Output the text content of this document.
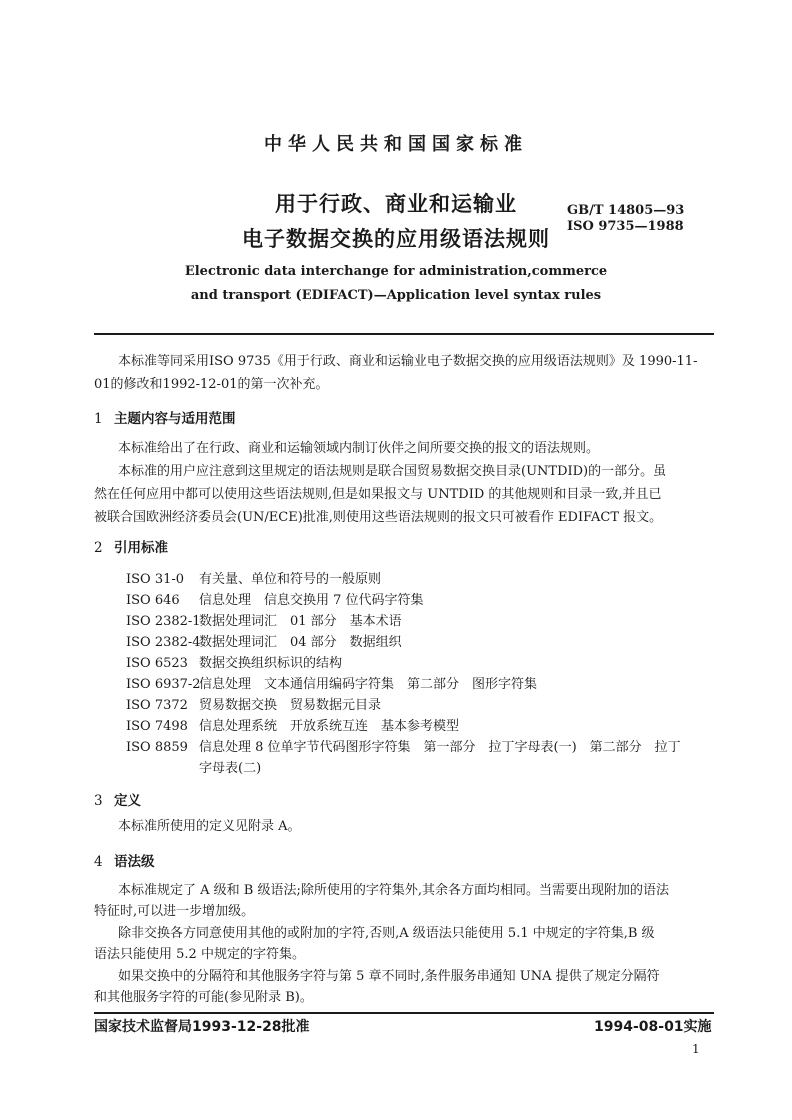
中华人民共和国国家标准
用于行政、商业和运输业
电子数据交换的应用级语法规则
GB/T 14805—93
ISO 9735—1988
Electronic data interchange for administration,commerce
and transport (EDIFACT)—Application level syntax rules
本标准等同采用ISO 9735《用于行政、商业和运输业电子数据交换的应用级语法规则》及 1990-11-
01的修改和1992-12-01的第一次补充。
1 主题内容与适用范围
本标准给出了在行政、商业和运输领域内制订伙伴之间所要交换的报文的语法规则。
本标准的用户应注意到这里规定的语法规则是联合国贸易数据交换目录(UNTDID)的一部分。虽
然在任何应用中都可以使用这些语法规则,但是如果报文与 UNTDID 的其他规则和目录一致,并且已
被联合国欧洲经济委员会(UN/ECE)批准,则使用这些语法规则的报文只可被看作 EDIFACT 报文。
2 引用标准
ISO 31-0 有关量、单位和符号的一般原则
ISO 646 信息处理　信息交换用 7 位代码字符集
ISO 2382-1数据处理词汇　01 部分　基本术语
ISO 2382-4数据处理词汇　04 部分　数据组织
ISO 6523 数据交换组织标识的结构
ISO 6937-2信息处理　文本通信用编码字符集　第二部分　图形字符集
ISO 7372 贸易数据交换　贸易数据元目录
ISO 7498 信息处理系统　开放系统互连　基本参考模型
ISO 8859 信息处理 8 位单字节代码图形字符集　第一部分　拉丁字母表(一)　第二部分　拉丁
字母表(二)
3 定义
本标准所使用的定义见附录 A。
4 语法级
本标准规定了 A 级和 B 级语法;除所使用的字符集外,其余各方面均相同。当需要出现附加的语法
特征时,可以进一步增加级。
除非交换各方同意使用其他的或附加的字符,否则,A 级语法只能使用 5.1 中规定的字符集,B 级
语法只能使用 5.2 中规定的字符集。
如果交换中的分隔符和其他服务字符与第 5 章不同时,条件服务串通知 UNA 提供了规定分隔符
和其他服务字符的可能(参见附录 B)。
国家技术监督局1993-12-28批准	1994-08-01实施
1
